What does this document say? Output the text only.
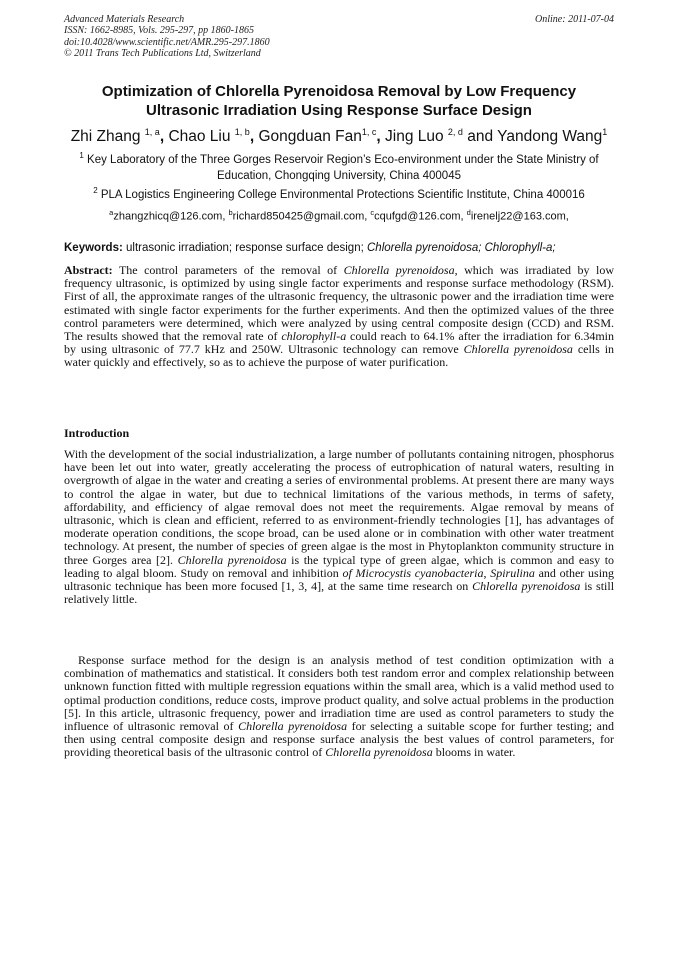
Advanced Materials Research
ISSN: 1662-8985, Vols. 295-297, pp 1860-1865
doi:10.4028/www.scientific.net/AMR.295-297.1860
© 2011 Trans Tech Publications Ltd, Switzerland
Online: 2011-07-04
Optimization of Chlorella Pyrenoidosa Removal by Low Frequency Ultrasonic Irradiation Using Response Surface Design
Zhi Zhang $^{1, a}$, Chao Liu $^{1, b}$, Gongduan Fan$^{1, c}$, Jing Luo $^{2, d}$ and Yandong Wang$^1$
$^1$ Key Laboratory of the Three Gorges Reservoir Region’s Eco-environment under the State Ministry of Education, Chongqing University, China 400045
$^2$ PLA Logistics Engineering College Environmental Protections Scientific Institute, China 400016
$^a$zhangzhicq@126.com, $^b$richard850425@gmail.com, $^c$cqufgd@126.com, $^d$irenelj22@163.com,
Keywords: ultrasonic irradiation; response surface design; Chlorella pyrenoidosa; Chlorophyll-a;
Abstract: The control parameters of the removal of Chlorella pyrenoidosa, which was irradiated by low frequency ultrasonic, is optimized by using single factor experiments and response surface methodology (RSM). First of all, the approximate ranges of the ultrasonic frequency, the ultrasonic power and the irradiation time were estimated with single factor experiments for the further experiments. And then the optimized values of the three control parameters were determined, which were analyzed by using central composite design (CCD) and RSM. The results showed that the removal rate of chlorophyll-a could reach to 64.1% after the irradiation for 6.34min by using ultrasonic of 77.7 kHz and 250W. Ultrasonic technology can remove Chlorella pyrenoidosa cells in water quickly and effectively, so as to achieve the purpose of water purification.
Introduction
With the development of the social industrialization, a large number of pollutants containing nitrogen, phosphorus have been let out into water, greatly accelerating the process of eutrophication of natural waters, resulting in overgrowth of algae in the water and creating a series of environmental problems. At present there are many ways to control the algae in water, but due to technical limitations of the various methods, in terms of safety, affordability, and efficiency of algae removal does not meet the requirements. Algae removal by means of ultrasonic, which is clean and efficient, referred to as environment-friendly technologies [1], has advantages of moderate operation conditions, the scope broad, can be used alone or in combination with other water treatment technology. At present, the number of species of green algae is the most in Phytoplankton community structure in three Gorges area [2]. Chlorella pyrenoidosa is the typical type of green algae, which is common and easy to leading to algal bloom. Study on removal and inhibition of Microcystis cyanobacteria, Spirulina and other using ultrasonic technique has been more focused [1, 3, 4], at the same time research on Chlorella pyrenoidosa is still relatively little.
Response surface method for the design is an analysis method of test condition optimization with a combination of mathematics and statistical. It considers both test random error and complex relationship between unknown function fitted with multiple regression equations within the small area, which is a valid method used to optimal production conditions, reduce costs, improve product quality, and solve actual problems in the production [5]. In this article, ultrasonic frequency, power and irradiation time are used as control parameters to study the influence of ultrasonic removal of Chlorella pyrenoidosa for selecting a suitable scope for further testing; and then using central composite design and response surface analysis the best values of control parameters, for providing theoretical basis of the ultrasonic control of Chlorella pyrenoidosa blooms in water.
